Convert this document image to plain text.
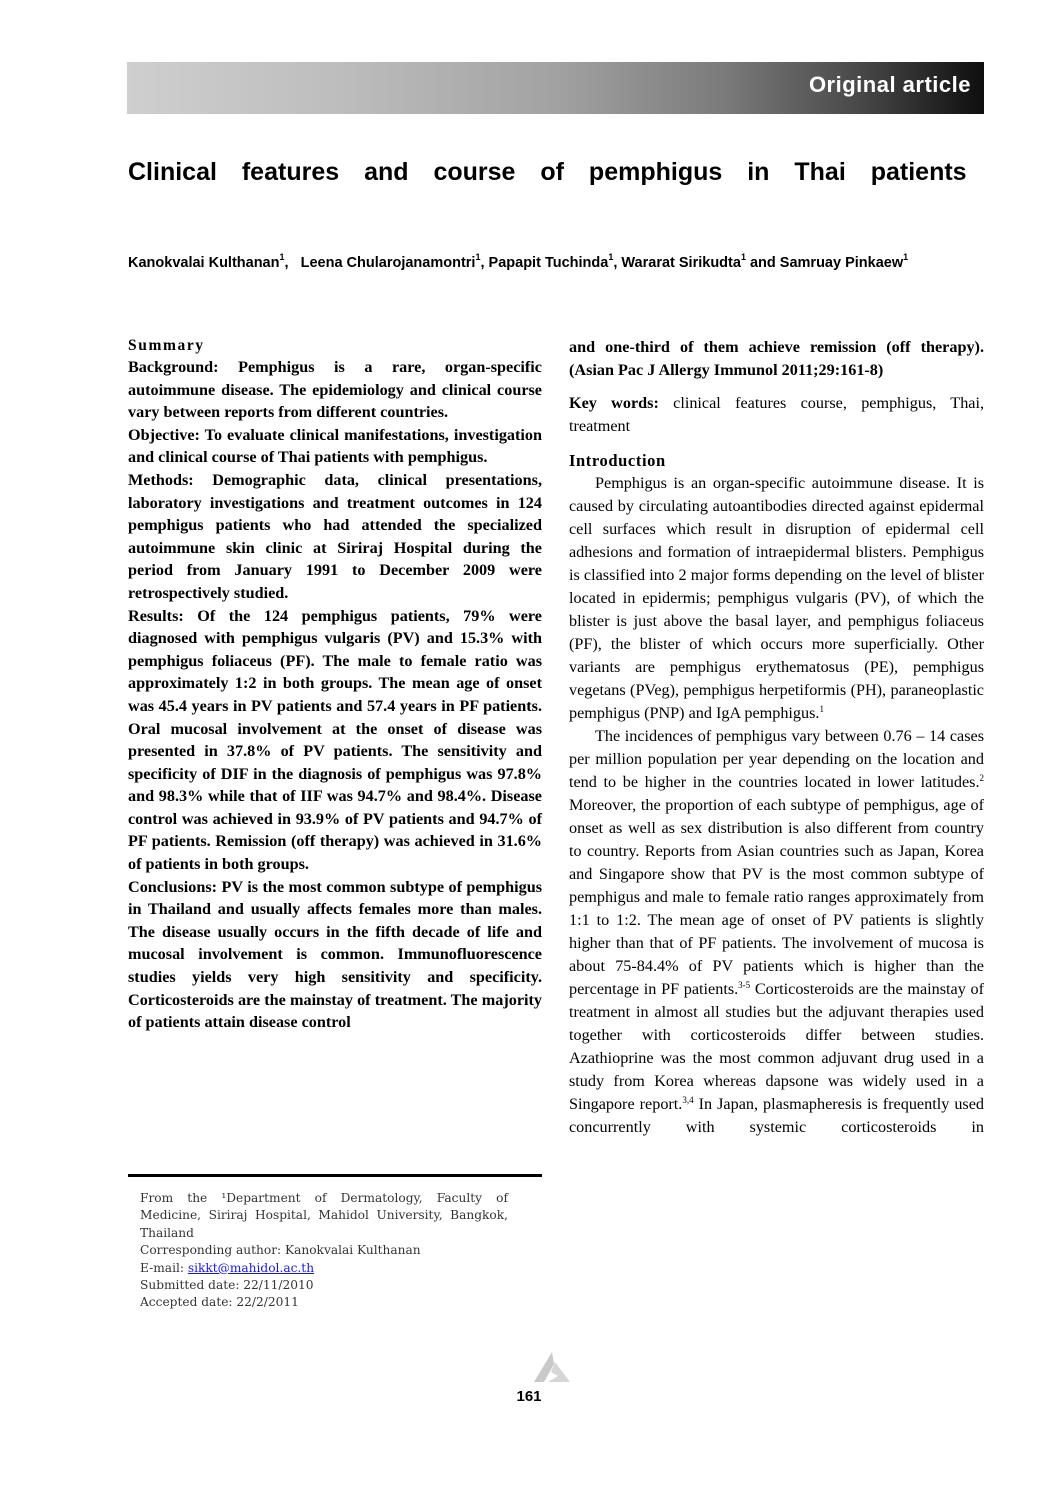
Original article
Clinical features and course of pemphigus in Thai patients
Kanokvalai Kulthanan$^1$,   Leena Chularojanamontri$^1$, Papapit Tuchinda$^1$, Wararat Sirikudta$^1$ and Samruay Pinkaew$^1$
Summary

Background: Pemphigus is a rare, organ-specific autoimmune disease. The epidemiology and clinical course vary between reports from different countries.

Objective: To evaluate clinical manifestations, investigation and clinical course of Thai patients with pemphigus.

Methods: Demographic data, clinical presentations, laboratory investigations and treatment outcomes in 124 pemphigus patients who had attended the specialized autoimmune skin clinic at Siriraj Hospital during the period from January 1991 to December 2009 were retrospectively studied.

Results: Of the 124 pemphigus patients, 79% were diagnosed with pemphigus vulgaris (PV) and 15.3% with pemphigus foliaceus (PF). The male to female ratio was approximately 1:2 in both groups. The mean age of onset was 45.4 years in PV patients and 57.4 years in PF patients. Oral mucosal involvement at the onset of disease was presented in 37.8% of PV patients. The sensitivity and specificity of DIF in the diagnosis of pemphigus was 97.8% and 98.3% while that of IIF was 94.7% and 98.4%. Disease control was achieved in 93.9% of PV patients and 94.7% of PF patients. Remission (off therapy) was achieved in 31.6% of patients in both groups.

Conclusions: PV is the most common subtype of pemphigus in Thailand and usually affects females more than males. The disease usually occurs in the fifth decade of life and mucosal involvement is common. Immunofluorescence studies yields very high sensitivity and specificity. Corticosteroids are the mainstay of treatment. The majority of patients attain disease control

From the ¹Department of Dermatology, Faculty of Medicine, Siriraj Hospital, Mahidol University, Bangkok, Thailand

Corresponding author: Kanokvalai Kulthanan

E-mail: sikkt@mahidol.ac.th

Submitted date: 22/11/2010

Accepted date: 22/2/2011

and one-third of them achieve remission (off therapy). (Asian Pac J Allergy Immunol 2011;29:161-8)

Key words: clinical features course, pemphigus, Thai, treatment

Introduction

Pemphigus is an organ-specific autoimmune disease. It is caused by circulating autoantibodies directed against epidermal cell surfaces which result in disruption of epidermal cell adhesions and formation of intraepidermal blisters. Pemphigus is classified into 2 major forms depending on the level of blister located in epidermis; pemphigus vulgaris (PV), of which the blister is just above the basal layer, and pemphigus foliaceus (PF), the blister of which occurs more superficially. Other variants are pemphigus erythematosus (PE), pemphigus vegetans (PVeg), pemphigus herpetiformis (PH), paraneoplastic pemphigus (PNP) and IgA pemphigus.$^1$

The incidences of pemphigus vary between 0.76 – 14 cases per million population per year depending on the location and tend to be higher in the countries located in lower latitudes.$^2$ Moreover, the proportion of each subtype of pemphigus, age of onset as well as sex distribution is also different from country to country. Reports from Asian countries such as Japan, Korea and Singapore show that PV is the most common subtype of pemphigus and male to female ratio ranges approximately from 1:1 to 1:2. The mean age of onset of PV patients is slightly higher than that of PF patients. The involvement of mucosa is about 75-84.4% of PV patients which is higher than the percentage in PF patients.$^{3-5}$ Corticosteroids are the mainstay of treatment in almost all studies but the adjuvant therapies used together with corticosteroids differ between studies. Azathioprine was the most common adjuvant drug used in a study from Korea whereas dapsone was widely used in a Singapore report.$^{3,4}$ In Japan, plasmapheresis is frequently used concurrently with systemic corticosteroids in

161
